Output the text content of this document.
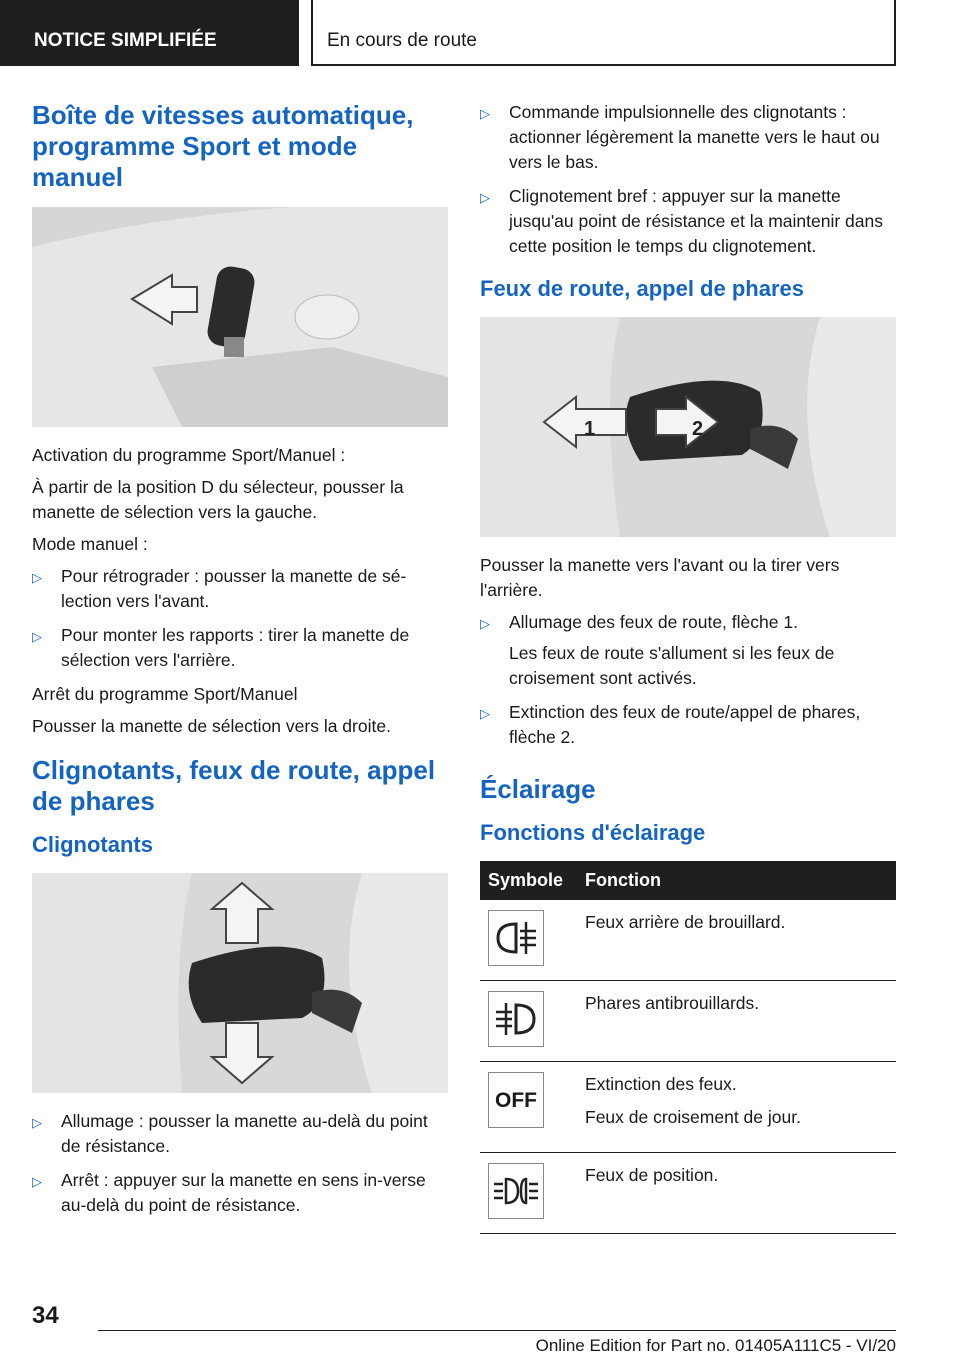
NOTICE SIMPLIFIÉE	En cours de route
Boîte de vitesses automatique, programme Sport et mode manuel

Activation du programme Sport/Manuel :

À partir de la position D du sélecteur, pousser la manette de sélection vers la gauche.

Mode manuel :

▷ Pour rétrograder : pousser la manette de sé-lection vers l'avant.
▷ Pour monter les rapports : tirer la manette de sélection vers l'arrière.

Arrêt du programme Sport/Manuel

Pousser la manette de sélection vers la droite.

Clignotants, feux de route, appel de phares
Clignotants
▷ Allumage : pousser la manette au-delà du point de résistance.
▷ Arrêt : appuyer sur la manette en sens in-verse au-delà du point de résistance.
▷ Commande impulsionnelle des clignotants : actionner légèrement la manette vers le haut ou vers le bas.
▷ Clignotement bref : appuyer sur la manette jusqu'au point de résistance et la maintenir dans cette position le temps du clignotement.
Feux de route, appel de phares
1	2

Pousser la manette vers l'avant ou la tirer vers l'arrière.

▷ Allumage des feux de route, flèche 1.

Les feux de route s'allument si les feux de croisement sont activés.

▷ Extinction des feux de route/appel de phares, flèche 2.
Éclairage
Fonctions d'éclairage
Symbole	Fonction

Feux arrière de brouillard.

Phares antibrouillards.

OFF	Extinction des feux.

Feux de croisement de jour.

Feux de position.

34
Online Edition for Part no. 01405A111C5 - VI/20
